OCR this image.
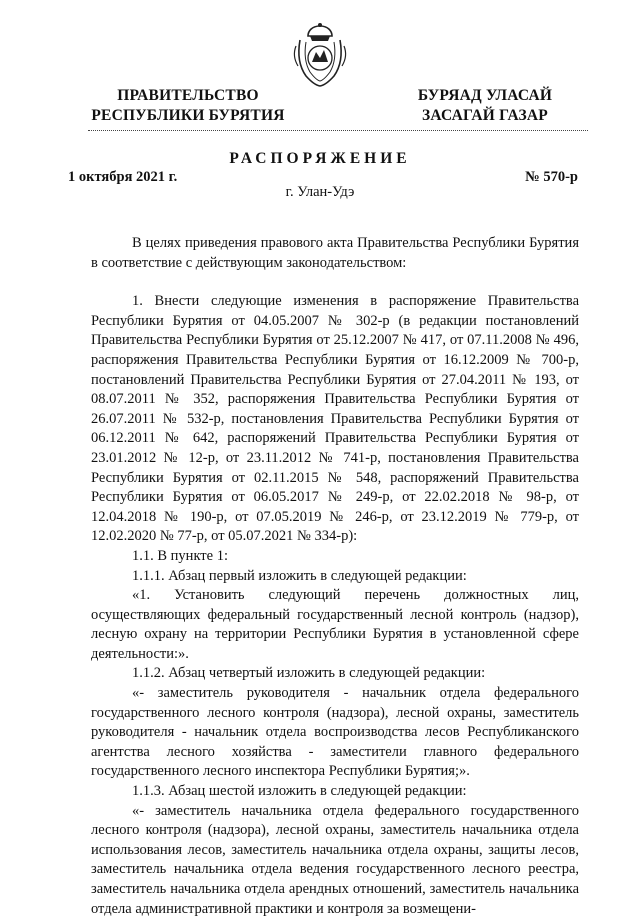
ПРАВИТЕЛЬСТВО
РЕСПУБЛИКИ БУРЯТИЯ
БУРЯАД УЛАСАЙ
ЗАСАГАЙ ГАЗАР
РАСПОРЯЖЕНИЕ
1 октября 2021 г.	№ 570-р
г. Улан-Удэ

В целях приведения правового акта Правительства Республики Бурятия в соответствие с действующим законодательством:

1. Внести следующие изменения в распоряжение Правительства Республики Бурятия от 04.05.2007 № 302-р (в редакции постановлений Правительства Республики Бурятия от 25.12.2007 № 417, от 07.11.2008 № 496, распоряжения Правительства Республики Бурятия от 16.12.2009 № 700-р, постановлений Правительства Республики Бурятия от 27.04.2011 № 193, от 08.07.2011 № 352, распоряжения Правительства Республики Бурятия от 26.07.2011 № 532-р, постановления Правительства Республики Бурятия от 06.12.2011 № 642, распоряжений Правительства Республики Бурятия от 23.01.2012 № 12-р, от 23.11.2012 № 741-р, постановления Правительства Республики Бурятия от 02.11.2015 № 548, распоряжений Правительства Республики Бурятия от 06.05.2017 № 249-р, от 22.02.2018 № 98-р, от 12.04.2018 № 190-р, от 07.05.2019 № 246-р, от 23.12.2019 № 779-р, от 12.02.2020 № 77-р, от 05.07.2021 № 334-р):

1.1. В пункте 1:

1.1.1. Абзац первый изложить в следующей редакции:

«1. Установить следующий перечень должностных лиц, осуществляющих федеральный государственный лесной контроль (надзор), лесную охрану на территории Республики Бурятия в установленной сфере деятельности:».

1.1.2. Абзац четвертый изложить в следующей редакции:

«- заместитель руководителя - начальник отдела федерального государственного лесного контроля (надзора), лесной охраны, заместитель руководителя - начальник отдела воспроизводства лесов Республиканского агентства лесного хозяйства - заместители главного федерального государственного лесного инспектора Республики Бурятия;».

1.1.3. Абзац шестой изложить в следующей редакции:

«- заместитель начальника отдела федерального государственного лесного контроля (надзора), лесной охраны, заместитель начальника отдела использования лесов, заместитель начальника отдела охраны, защиты лесов, заместитель начальника отдела ведения государственного лесного реестра, заместитель начальника отдела арендных отношений, заместитель начальника отдела административной практики и контроля за возмещени-
